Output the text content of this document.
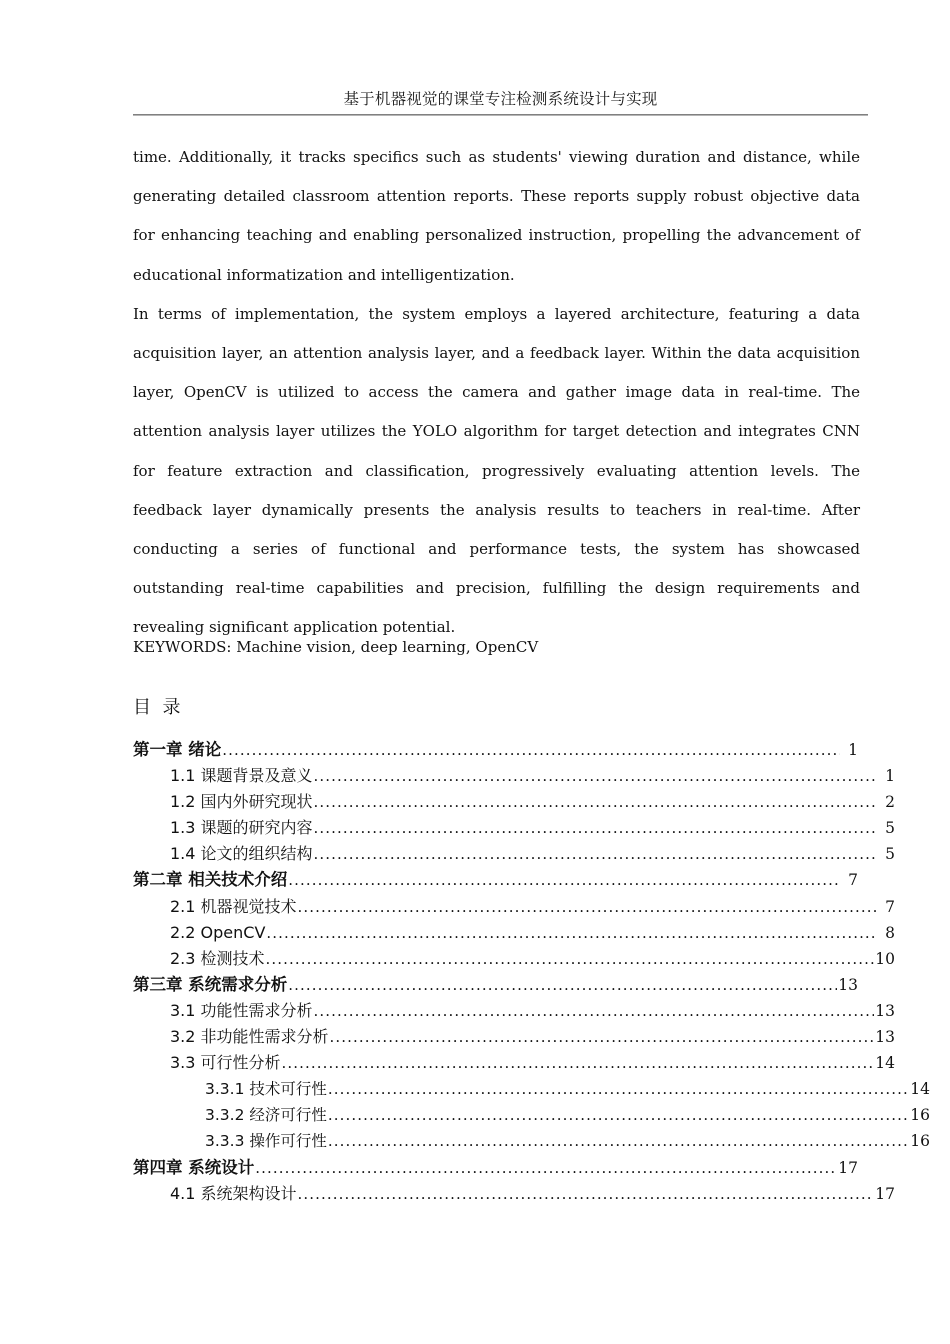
基于机器视觉的课堂专注检测系统设计与实现

time. Additionally, it tracks specifics such as students' viewing duration and distance, while generating detailed classroom attention reports. These reports supply robust objective data for enhancing teaching and enabling personalized instruction, propelling the advancement of educational informatization and intelligentization.

In terms of implementation, the system employs a layered architecture, featuring a data acquisition layer, an attention analysis layer, and a feedback layer. Within the data acquisition layer, OpenCV is utilized to access the camera and gather image data in real-time. The attention analysis layer utilizes the YOLO algorithm for target detection and integrates CNN for feature extraction and classification, progressively evaluating attention levels. The feedback layer dynamically presents the analysis results to teachers in real-time. After conducting a series of functional and performance tests, the system has showcased outstanding real-time capabilities and precision, fulfilling the design requirements and revealing significant application potential.

KEYWORDS: Machine vision, deep learning, OpenCV
目  录
第一章 绪论 .....	1
1.1 课题背景及意义 .....	1
1.2 国内外研究现状 .....	2
1.3 课题的研究内容 .....	5
1.4 论文的组织结构 .....	5
第二章 相关技术介绍 .....	7
2.1 机器视觉技术 .....	7
2.2 OpenCV .....	8
2.3 检测技术 .....	10
第三章 系统需求分析 .....	13
3.1 功能性需求分析 .....	13
3.2 非功能性需求分析 .....	13
3.3 可行性分析 .....	14
3.3.1 技术可行性 .....	14
3.3.2 经济可行性 .....	16
3.3.3 操作可行性 .....	16
第四章 系统设计 .....	17
4.1 系统架构设计 .....	17
